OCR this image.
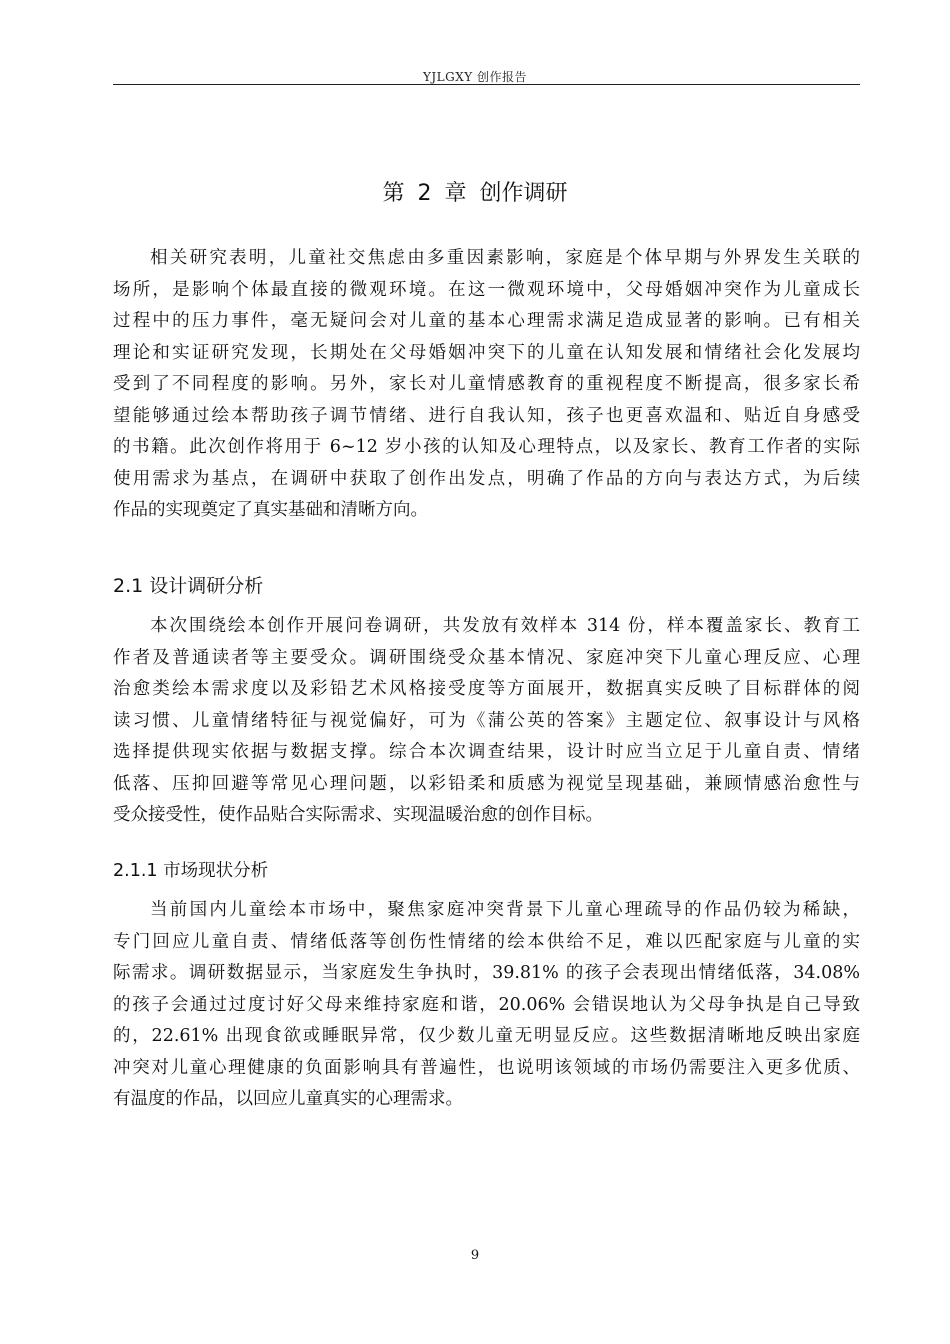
YJLGXY 创作报告
第 2 章 创作调研
相关研究表明，儿童社交焦虑由多重因素影响，家庭是个体早期与外界发生关联的
场所，是影响个体最直接的微观环境。在这一微观环境中，父母婚姻冲突作为儿童成长
过程中的压力事件，毫无疑问会对儿童的基本心理需求满足造成显著的影响。已有相关
理论和实证研究发现，长期处在父母婚姻冲突下的儿童在认知发展和情绪社会化发展均
受到了不同程度的影响。另外，家长对儿童情感教育的重视程度不断提高，很多家长希
望能够通过绘本帮助孩子调节情绪、进行自我认知，孩子也更喜欢温和、贴近自身感受
的书籍。此次创作将用于 6~12 岁小孩的认知及心理特点，以及家长、教育工作者的实际
使用需求为基点，在调研中获取了创作出发点，明确了作品的方向与表达方式，为后续
作品的实现奠定了真实基础和清晰方向。
2.1 设计调研分析
本次围绕绘本创作开展问卷调研，共发放有效样本 314 份，样本覆盖家长、教育工
作者及普通读者等主要受众。调研围绕受众基本情况、家庭冲突下儿童心理反应、心理
治愈类绘本需求度以及彩铅艺术风格接受度等方面展开，数据真实反映了目标群体的阅
读习惯、儿童情绪特征与视觉偏好，可为《蒲公英的答案》主题定位、叙事设计与风格
选择提供现实依据与数据支撑。综合本次调查结果，设计时应当立足于儿童自责、情绪
低落、压抑回避等常见心理问题，以彩铅柔和质感为视觉呈现基础，兼顾情感治愈性与
受众接受性，使作品贴合实际需求、实现温暖治愈的创作目标。
2.1.1 市场现状分析
当前国内儿童绘本市场中，聚焦家庭冲突背景下儿童心理疏导的作品仍较为稀缺，
专门回应儿童自责、情绪低落等创伤性情绪的绘本供给不足，难以匹配家庭与儿童的实
际需求。调研数据显示，当家庭发生争执时，39.81% 的孩子会表现出情绪低落，34.08%
的孩子会通过过度讨好父母来维持家庭和谐，20.06% 会错误地认为父母争执是自己导致
的，22.61% 出现食欲或睡眠异常，仅少数儿童无明显反应。这些数据清晰地反映出家庭
冲突对儿童心理健康的负面影响具有普遍性，也说明该领域的市场仍需要注入更多优质、
有温度的作品，以回应儿童真实的心理需求。
9
